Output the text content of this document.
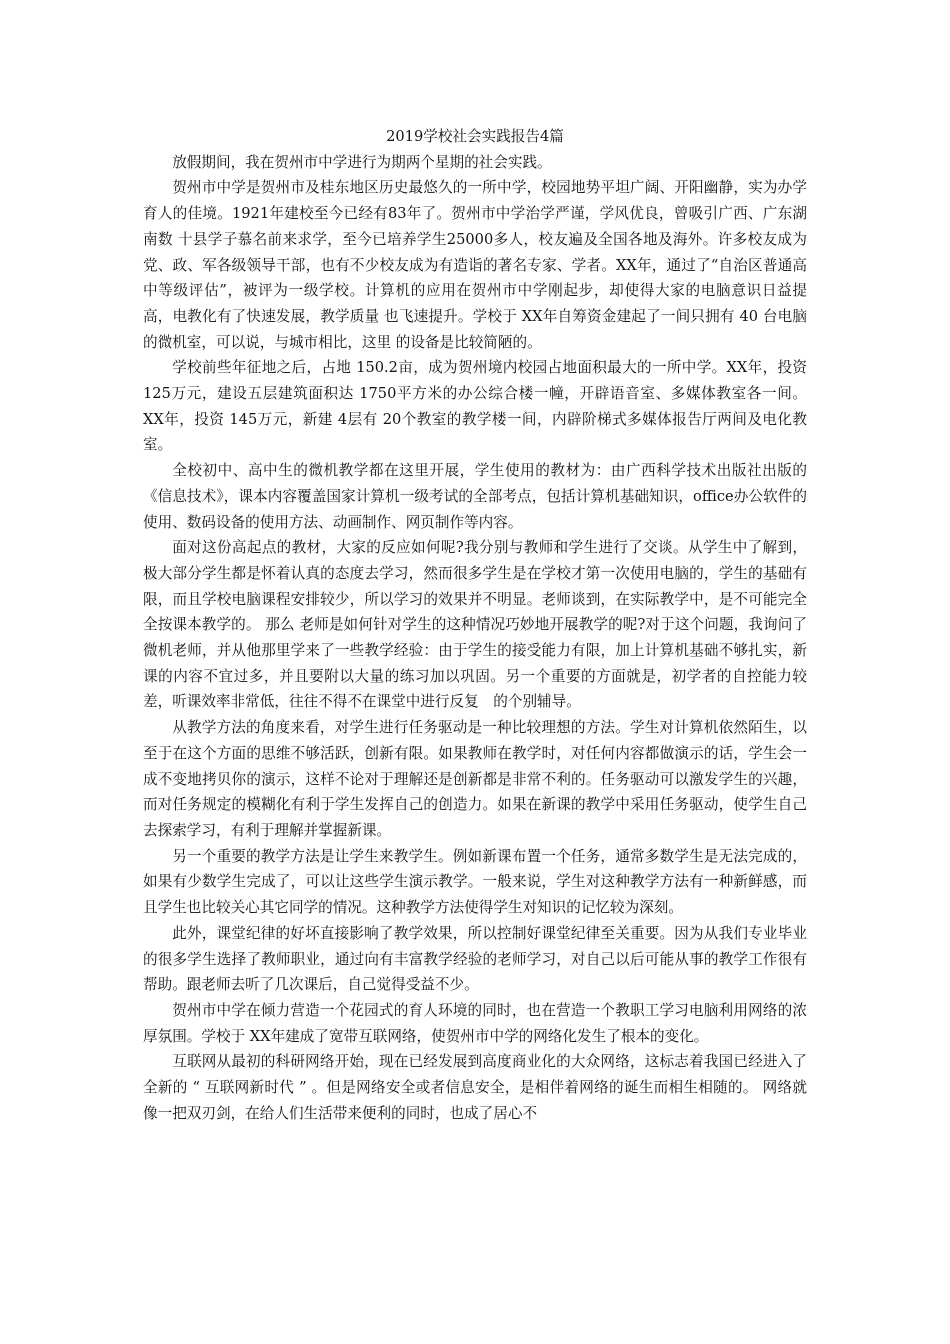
2019学校社会实践报告4篇

放假期间，我在贺州市中学进行为期两个星期的社会实践。

贺州市中学是贺州市及桂东地区历史最悠久的一所中学，校园地势平坦广阔、开阳幽静，实为办学育人的佳境。1921年建校至今已经有83年了。贺州市中学治学严谨，学风优良，曾吸引广西、广东湖南数 十县学子慕名前来求学，至今已培养学生25000多人，校友遍及全国各地及海外。许多校友成为党、政、军各级领导干部，也有不少校友成为有造诣的著名专家、学者。XX年，通过了“自治区普通高中等级评估”，被评为一级学校。计算机的应用在贺州市中学刚起步，却使得大家的电脑意识日益提高，电教化有了快速发展，教学质量 也飞速提升。学校于 XX年自筹资金建起了一间只拥有 40 台电脑的微机室，可以说，与城市相比，这里 的设备是比较简陋的。

学校前些年征地之后，占地 150.2亩，成为贺州境内校园占地面积最大的一所中学。XX年，投资125万元，建设五层建筑面积达 1750平方米的办公综合楼一幢，开辟语音室、多媒体教室各一间。 XX年，投资 145万元，新建 4层有 20个教室的教学楼一间，内辟阶梯式多媒体报告厅两间及电化教室。

全校初中、高中生的微机教学都在这里开展，学生使用的教材为：由广西科学技术出版社出版的《信息技术》，课本内容覆盖国家计算机一级考试的全部考点，包括计算机基础知识，office办公软件的使用、数码设备的使用方法、动画制作、网页制作等内容。

面对这份高起点的教材，大家的反应如何呢?我分别与教师和学生进行了交谈。从学生中了解到，极大部分学生都是怀着认真的态度去学习，然而很多学生是在学校才第一次使用电脑的，学生的基础有限，而且学校电脑课程安排较少，所以学习的效果并不明显。老师谈到，在实际教学中，是不可能完全全按课本教学的。 那么 老师是如何针对学生的这种情况巧妙地开展教学的呢?对于这个问题，我询问了微机老师，并从他那里学来了一些教学经验：由于学生的接受能力有限，加上计算机基础不够扎实，新课的内容不宜过多，并且要附以大量的练习加以巩固。另一个重要的方面就是，初学者的自控能力较差，听课效率非常低，往往不得不在课堂中进行反复　的个别辅导。

从教学方法的角度来看，对学生进行任务驱动是一种比较理想的方法。学生对计算机依然陌生，以至于在这个方面的思维不够活跃，创新有限。如果教师在教学时，对任何内容都做演示的话，学生会一成不变地拷贝你的演示，这样不论对于理解还是创新都是非常不利的。任务驱动可以激发学生的兴趣，而对任务规定的模糊化有利于学生发挥自己的创造力。如果在新课的教学中采用任务驱动，使学生自己去探索学习，有利于理解并掌握新课。

另一个重要的教学方法是让学生来教学生。例如新课布置一个任务，通常多数学生是无法完成的，如果有少数学生完成了，可以让这些学生演示教学。一般来说，学生对这种教学方法有一种新鲜感，而且学生也比较关心其它同学的情况。这种教学方法使得学生对知识的记忆较为深刻。

此外，课堂纪律的好坏直接影响了教学效果，所以控制好课堂纪律至关重要。因为从我们专业毕业的很多学生选择了教师职业，通过向有丰富教学经验的老师学习，对自己以后可能从事的教学工作很有帮助。跟老师去听了几次课后，自己觉得受益不少。

贺州市中学在倾力营造一个花园式的育人环境的同时，也在营造一个教职工学习电脑利用网络的浓厚氛围。学校于 XX年建成了宽带互联网络，使贺州市中学的网络化发生了根本的变化。

互联网从最初的科研网络开始，现在已经发展到高度商业化的大众网络，这标志着我国已经进入了全新的 “ 互联网新时代 ” 。但是网络安全或者信息安全，是相伴着网络的诞生而相生相随的。 网络就像一把双刃剑，在给人们生活带来便利的同时，也成了居心不
